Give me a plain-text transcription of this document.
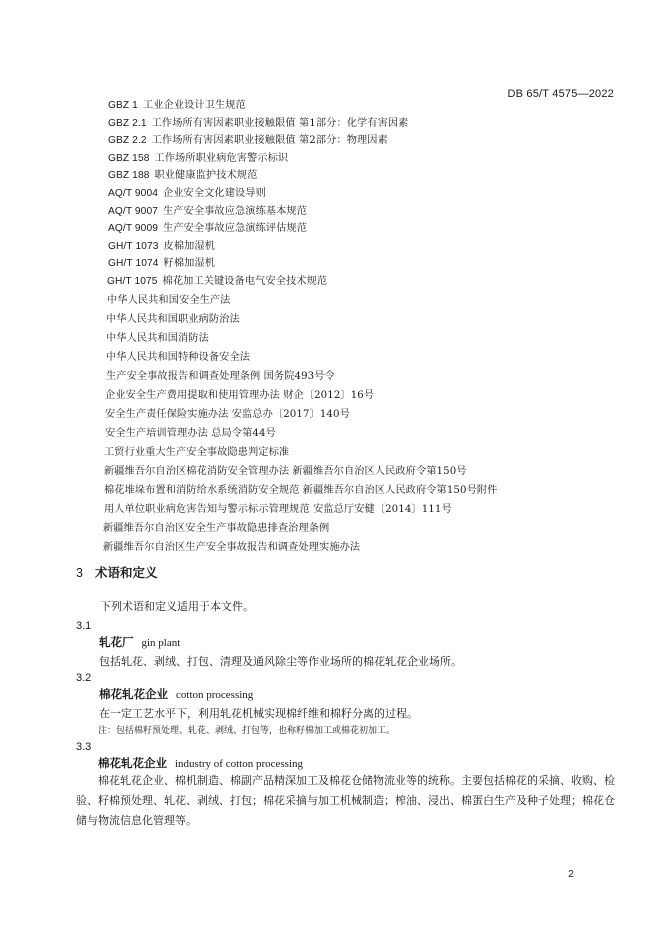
DB 65/T 4575—2022
GBZ 1 工业企业设计卫生规范
GBZ 2.1 工作场所有害因素职业接触限值 第1部分：化学有害因素
GBZ 2.2 工作场所有害因素职业接触限值 第2部分：物理因素
GBZ 158 工作场所职业病危害警示标识
GBZ 188 职业健康监护技术规范
AQ/T 9004 企业安全文化建设导则
AQ/T 9007 生产安全事故应急演练基本规范
AQ/T 9009 生产安全事故应急演练评估规范
GH/T 1073 皮棉加湿机
GH/T 1074 籽棉加湿机
GH/T 1075 棉花加工关键设备电气安全技术规范
中华人民共和国安全生产法
中华人民共和国职业病防治法
中华人民共和国消防法
中华人民共和国特种设备安全法
生产安全事故报告和调查处理条例 国务院493号令
企业安全生产费用提取和使用管理办法 财企〔2012〕16号
安全生产责任保险实施办法 安监总办〔2017〕140号
安全生产培训管理办法 总局令第44号
工贸行业重大生产安全事故隐患判定标准
新疆维吾尔自治区棉花消防安全管理办法 新疆维吾尔自治区人民政府令第150号
棉花堆垛布置和消防给水系统消防安全规范 新疆维吾尔自治区人民政府令第150号附件
用人单位职业病危害告知与警示标示管理规范 安监总厅安健〔2014〕111号
新疆维吾尔自治区安全生产事故隐患排查治理条例
新疆维吾尔自治区生产安全事故报告和调查处理实施办法
3 术语和定义
下列术语和定义适用于本文件。
3.1
轧花厂 gin plant
包括轧花、剥绒、打包、清理及通风除尘等作业场所的棉花轧花企业场所。
3.2
棉花轧花企业 cotton processing
在一定工艺水平下，利用轧花机械实现棉纤维和棉籽分离的过程。
注：包括棉籽预处理、轧花、剥绒、打包等，也称籽棉加工或棉花初加工。
3.3
棉花轧花企业 industry of cotton processing
棉花轧花企业、棉机制造、棉副产品精深加工及棉花仓储物流业等的统称。主要包括棉花的采摘、收购、检验、籽棉预处理、轧花、剥绒、打包；棉花采摘与加工机械制造；榨油、浸出、棉蛋白生产及种子处理；棉花仓储与物流信息化管理等。
2
